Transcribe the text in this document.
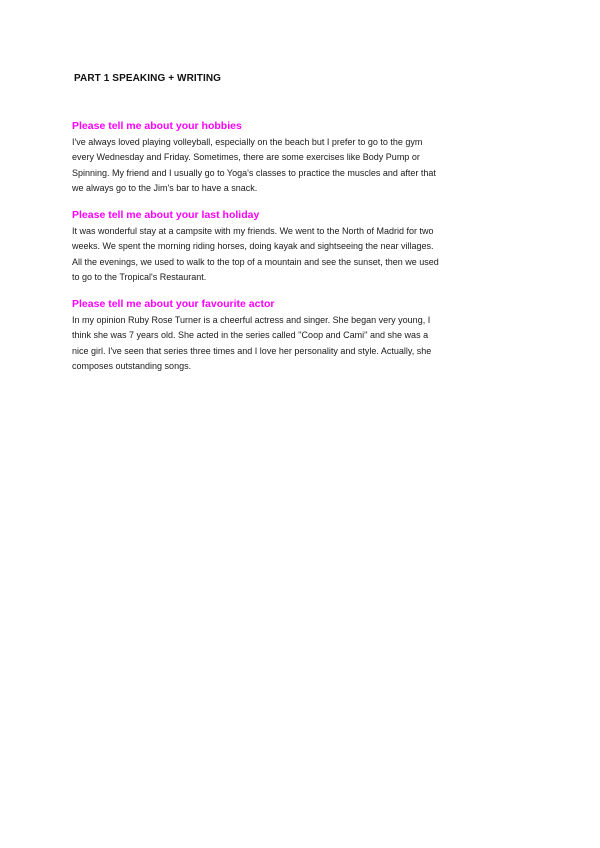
PART 1 SPEAKING + WRITING
Please tell me about your hobbies

I've always loved playing volleyball, especially on the beach but I prefer to go to the gym
every Wednesday and Friday. Sometimes, there are some exercises like Body Pump or
Spinning. My friend and I usually go to Yoga's classes to practice the muscles and after that
we always go to the Jim's bar to have a snack.

Please tell me about your last holiday

It was wonderful stay at a campsite with my friends. We went to the North of Madrid for two
weeks. We spent the morning riding horses, doing kayak and sightseeing the near villages.
All the evenings, we used to walk to the top of a mountain and see the sunset, then we used
to go to the Tropical's Restaurant.

Please tell me about your favourite actor

In my opinion Ruby Rose Turner is a cheerful actress and singer. She began very young, I
think she was 7 years old. She acted in the series called ''Coop and Cami'' and she was a
nice girl. I've seen that series three times and I love her personality and style. Actually, she
composes outstanding songs.
